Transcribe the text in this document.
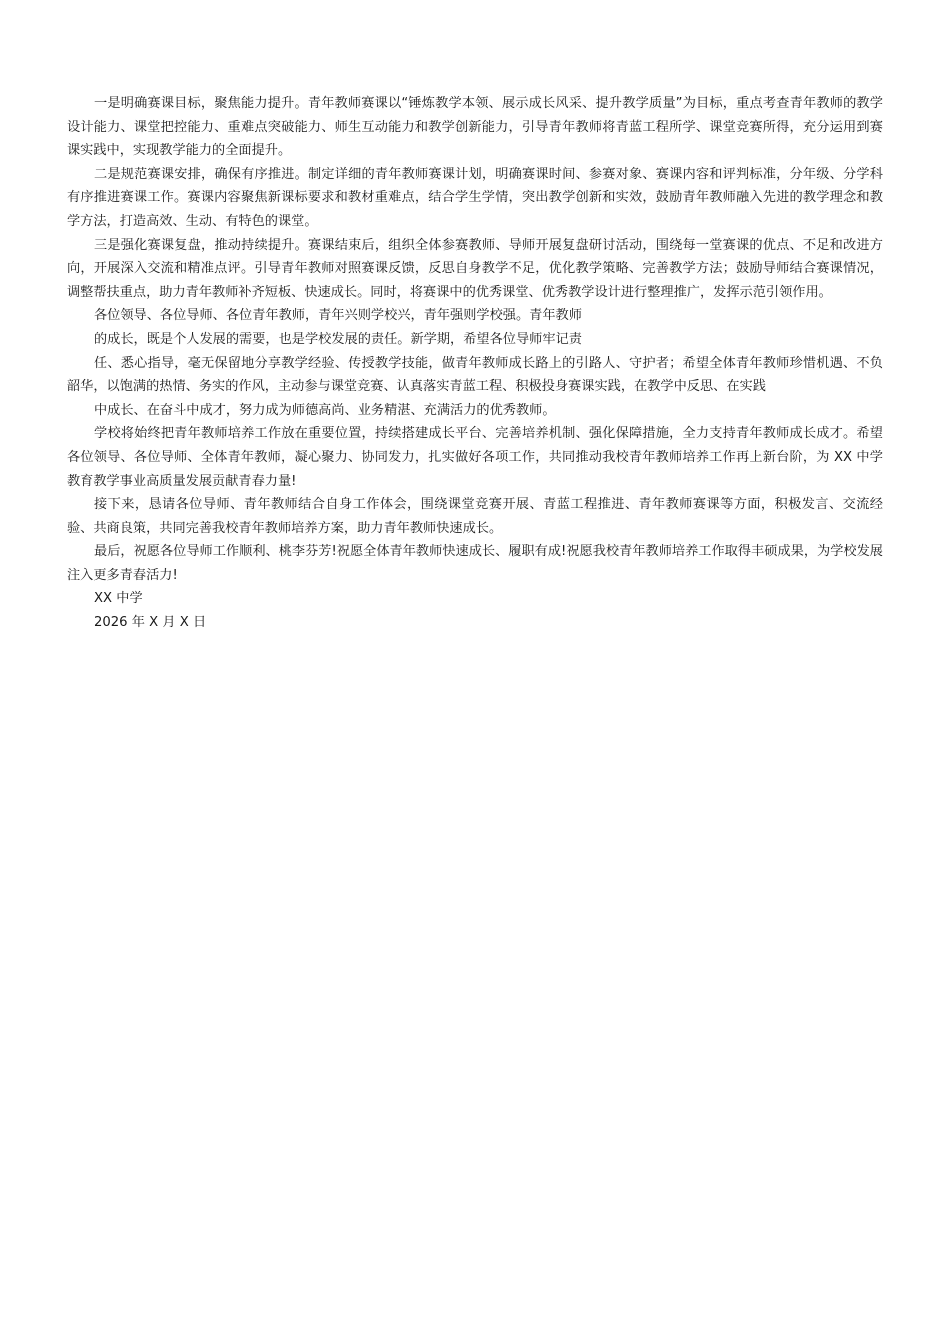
一是明确赛课目标，聚焦能力提升。青年教师赛课以“锤炼教学本领、展示成长风采、提升教学质量”为目标，重点考查青年教师的教学设计能力、课堂把控能力、重难点突破能力、师生互动能力和教学创新能力，引导青年教师将青蓝工程所学、课堂竞赛所得，充分运用到赛课实践中，实现教学能力的全面提升。

二是规范赛课安排，确保有序推进。制定详细的青年教师赛课计划，明确赛课时间、参赛对象、赛课内容和评判标准，分年级、分学科有序推进赛课工作。赛课内容聚焦新课标要求和教材重难点，结合学生学情，突出教学创新和实效，鼓励青年教师融入先进的教学理念和教学方法，打造高效、生动、有特色的课堂。

三是强化赛课复盘，推动持续提升。赛课结束后，组织全体参赛教师、导师开展复盘研讨活动，围绕每一堂赛课的优点、不足和改进方向，开展深入交流和精准点评。引导青年教师对照赛课反馈，反思自身教学不足，优化教学策略、完善教学方法；鼓励导师结合赛课情况，调整帮扶重点，助力青年教师补齐短板、快速成长。同时，将赛课中的优秀课堂、优秀教学设计进行整理推广，发挥示范引领作用。

各位领导、各位导师、各位青年教师，青年兴则学校兴，青年强则学校强。青年教师

的成长，既是个人发展的需要，也是学校发展的责任。新学期，希望各位导师牢记责

任、悉心指导，毫无保留地分享教学经验、传授教学技能，做青年教师成长路上的引路人、守护者；希望全体青年教师珍惜机遇、不负韶华，以饱满的热情、务实的作风，主动参与课堂竞赛、认真落实青蓝工程、积极投身赛课实践，在教学中反思、在实践

中成长、在奋斗中成才，努力成为师德高尚、业务精湛、充满活力的优秀教师。

学校将始终把青年教师培养工作放在重要位置，持续搭建成长平台、完善培养机制、强化保障措施，全力支持青年教师成长成才。希望各位领导、各位导师、全体青年教师，凝心聚力、协同发力，扎实做好各项工作，共同推动我校青年教师培养工作再上新台阶，为 XX 中学教育教学事业高质量发展贡献青春力量!

接下来，恳请各位导师、青年教师结合自身工作体会，围绕课堂竞赛开展、青蓝工程推进、青年教师赛课等方面，积极发言、交流经验、共商良策，共同完善我校青年教师培养方案，助力青年教师快速成长。

最后，祝愿各位导师工作顺利、桃李芬芳!祝愿全体青年教师快速成长、履职有成!祝愿我校青年教师培养工作取得丰硕成果，为学校发展注入更多青春活力!

XX 中学

2026 年 X 月 X 日
